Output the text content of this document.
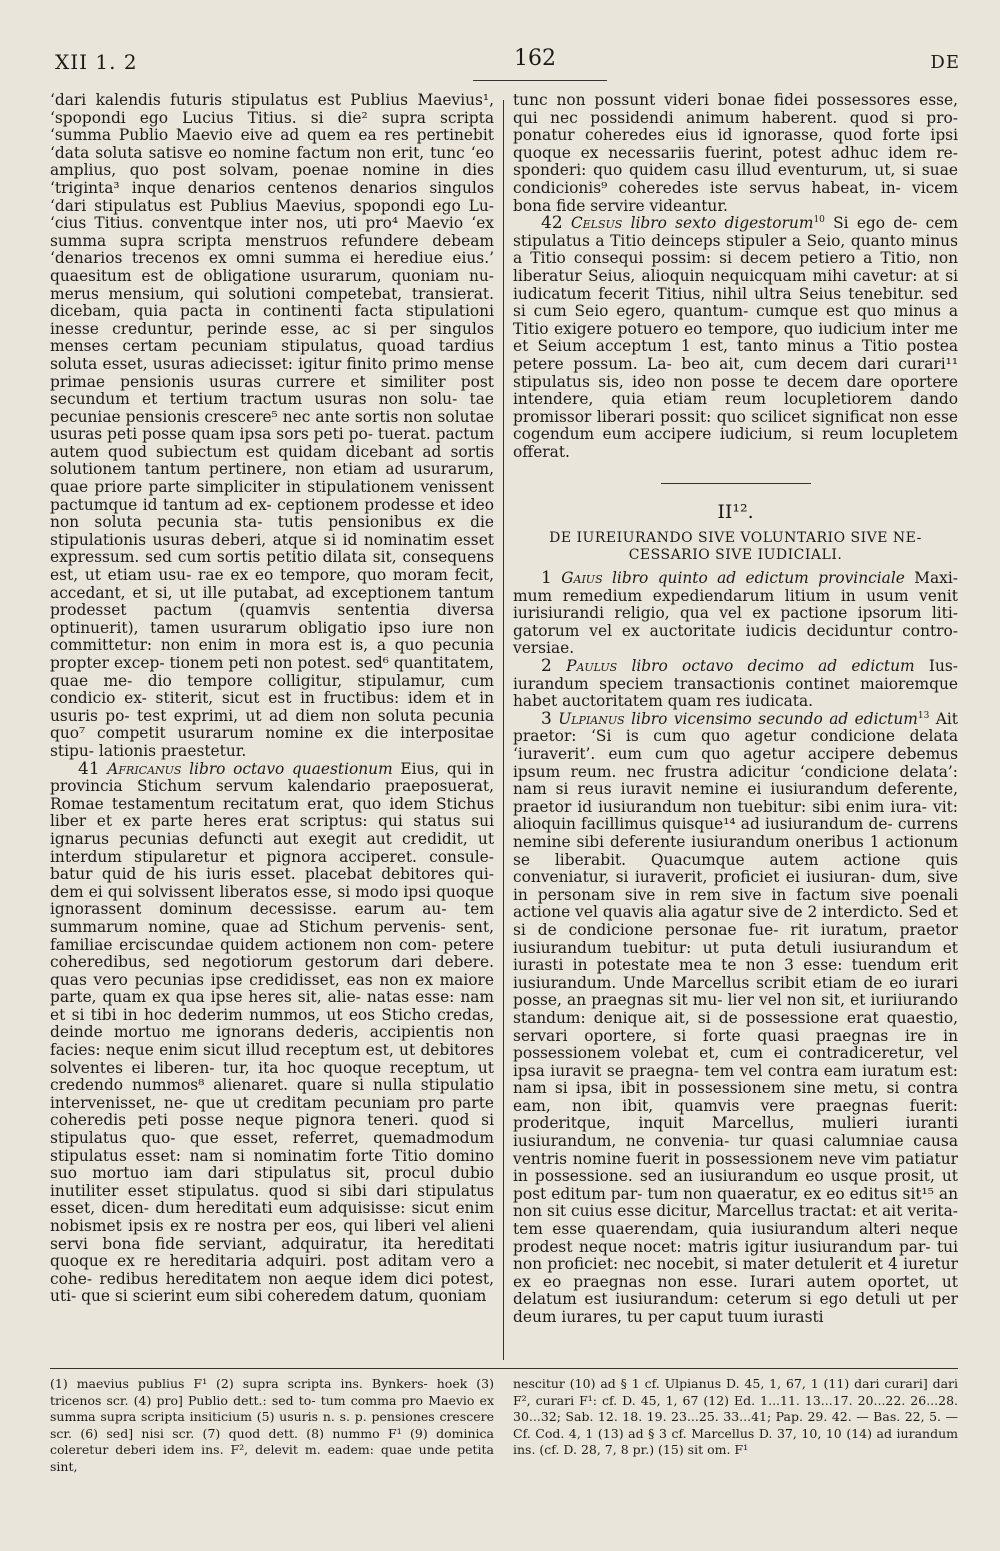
XII 1. 2	162	DE

‘dari kalendis futuris stipulatus est Publius Maevius¹, ‘spopondi ego Lucius Titius. si die² supra scripta ‘summa Publio Maevio eive ad quem ea res pertinebit ‘data soluta satisve eo nomine factum non erit, tunc ‘eo amplius, quo post solvam, poenae nomine in dies ‘triginta³ inque denarios centenos denarios singulos ‘dari stipulatus est Publius Maevius, spopondi ego Lu- ‘cius Titius. conventque inter nos, uti pro⁴ Maevio ‘ex summa supra scripta menstruos refundere debeam ‘denarios trecenos ex omni summa ei herediue eius.’ quaesitum est de obligatione usurarum, quoniam nu- merus mensium, qui solutioni competebat, transierat. dicebam, quia pacta in continenti facta stipulationi inesse creduntur, perinde esse, ac si per singulos menses certam pecuniam stipulatus, quoad tardius soluta esset, usuras adiecisset: igitur finito primo mense primae pensionis usuras currere et similiter post secundum et tertium tractum usuras non solu- tae pecuniae pensionis crescere⁵ nec ante sortis non solutae usuras peti posse quam ipsa sors peti po- tuerat. pactum autem quod subiectum est quidam dicebant ad sortis solutionem tantum pertinere, non etiam ad usurarum, quae priore parte simpliciter in stipulationem venissent pactumque id tantum ad ex- ceptionem prodesse et ideo non soluta pecunia sta- tutis pensionibus ex die stipulationis usuras deberi, atque si id nominatim esset expressum. sed cum sortis petitio dilata sit, consequens est, ut etiam usu- rae ex eo tempore, quo moram fecit, accedant, et si, ut ille putabat, ad exceptionem tantum prodesset pactum (quamvis sententia diversa optinuerit), tamen usurarum obligatio ipso iure non committetur: non enim in mora est is, a quo pecunia propter excep- tionem peti non potest. sed⁶ quantitatem, quae me- dio tempore colligitur, stipulamur, cum condicio ex- stiterit, sicut est in fructibus: idem et in usuris po- test exprimi, ut ad diem non soluta pecunia quo⁷ competit usurarum nomine ex die interpositae stipu- lationis praestetur.

41 Africanus libro octavo quaestionum Eius, qui in provincia Stichum servum kalendario praeposuerat, Romae testamentum recitatum erat, quo idem Stichus liber et ex parte heres erat scriptus: qui status sui ignarus pecunias defuncti aut exegit aut credidit, ut interdum stipularetur et pignora acciperet. consule- batur quid de his iuris esset. placebat debitores qui- dem ei qui solvissent liberatos esse, si modo ipsi quoque ignorassent dominum decessisse. earum au- tem summarum nomine, quae ad Stichum pervenis- sent, familiae erciscundae quidem actionem non com- petere coheredibus, sed negotiorum gestorum dari debere. quas vero pecunias ipse credidisset, eas non ex maiore parte, quam ex qua ipse heres sit, alie- natas esse: nam et si tibi in hoc dederim nummos, ut eos Sticho credas, deinde mortuo me ignorans dederis, accipientis non facies: neque enim sicut illud receptum est, ut debitores solventes ei liberen- tur, ita hoc quoque receptum, ut credendo nummos⁸ alienaret. quare si nulla stipulatio intervenisset, ne- que ut creditam pecuniam pro parte coheredis peti posse neque pignora teneri. quod si stipulatus quo- que esset, referret, quemadmodum stipulatus esset: nam si nominatim forte Titio domino suo mortuo iam dari stipulatus sit, procul dubio inutiliter esset stipulatus. quod si sibi dari stipulatus esset, dicen- dum hereditati eum adquisisse: sicut enim nobismet ipsis ex re nostra per eos, qui liberi vel alieni servi bona fide serviant, adquiratur, ita hereditati quoque ex re hereditaria adquiri. post aditam vero a cohe- redibus hereditatem non aeque idem dici potest, uti- que si scierint eum sibi coheredem datum, quoniam

tunc non possunt videri bonae fidei possessores esse, qui nec possidendi animum haberent. quod si pro- ponatur coheredes eius id ignorasse, quod forte ipsi quoque ex necessariis fuerint, potest adhuc idem re- sponderi: quo quidem casu illud eventurum, ut, si suae condicionis⁹ coheredes iste servus habeat, in- vicem bona fide servire videantur.

42 Celsus libro sexto digestorum$^{10}$ Si ego de- cem stipulatus a Titio deinceps stipuler a Seio, quanto minus a Titio consequi possim: si decem petiero a Titio, non liberatur Seius, alioquin nequicquam mihi cavetur: at si iudicatum fecerit Titius, nihil ultra Seius tenebitur. sed si cum Seio egero, quantum- cumque est quo minus a Titio exigere potuero eo tempore, quo iudicium inter me et Seium acceptum 1 est, tanto minus a Titio postea petere possum. La- beo ait, cum decem dari curari¹¹ stipulatus sis, ideo non posse te decem dare oportere intendere, quia etiam reum locupletiorem dando promissor liberari possit: quo scilicet significat non esse cogendum eum accipere iudicium, si reum locupletem offerat.

II¹².
DE IUREIURANDO SIVE VOLUNTARIO SIVE NE- CESSARIO SIVE IUDICIALI.

1 Gaius libro quinto ad edictum provinciale Maxi- mum remedium expediendarum litium in usum venit iurisiurandi religio, qua vel ex pactione ipsorum liti- gatorum vel ex auctoritate iudicis deciduntur contro- versiae.

2 Paulus libro octavo decimo ad edictum Ius- iurandum speciem transactionis continet maioremque habet auctoritatem quam res iudicata.

3 Ulpianus libro vicensimo secundo ad edictum$^{13}$ Ait praetor: ‘Si is cum quo agetur condicione delata ‘iuraverit’. eum cum quo agetur accipere debemus ipsum reum. nec frustra adicitur ‘condicione delata’: nam si reus iuravit nemine ei iusiurandum deferente, praetor id iusiurandum non tuebitur: sibi enim iura- vit: alioquin facillimus quisque¹⁴ ad iusiurandum de- currens nemine sibi deferente iusiurandum oneribus 1 actionum se liberabit. Quacumque autem actione quis conveniatur, si iuraverit, proficiet ei iusiuran- dum, sive in personam sive in rem sive in factum sive poenali actione vel quavis alia agatur sive de 2 interdicto. Sed et si de condicione personae fue- rit iuratum, praetor iusiurandum tuebitur: ut puta detuli iusiurandum et iurasti in potestate mea te non 3 esse: tuendum erit iusiurandum. Unde Marcellus scribit etiam de eo iurari posse, an praegnas sit mu- lier vel non sit, et iuriiurando standum: denique ait, si de possessione erat quaestio, servari oportere, si forte quasi praegnas ire in possessionem volebat et, cum ei contradiceretur, vel ipsa iuravit se praegna- tem vel contra eam iuratum est: nam si ipsa, ibit in possessionem sine metu, si contra eam, non ibit, quamvis vere praegnas fuerit: proderitque, inquit Marcellus, mulieri iuranti iusiurandum, ne convenia- tur quasi calumniae causa ventris nomine fuerit in possessionem neve vim patiatur in possessione. sed an iusiurandum eo usque prosit, ut post editum par- tum non quaeratur, ex eo editus sit¹⁵ an non sit cuius esse dicitur, Marcellus tractat: et ait verita- tem esse quaerendam, quia iusiurandum alteri neque prodest neque nocet: matris igitur iusiurandum par- tui non proficiet: nec nocebit, si mater detulerit et 4 iuretur ex eo praegnas non esse. Iurari autem oportet, ut delatum est iusiurandum: ceterum si ego detuli ut per deum iurares, tu per caput tuum iurasti

(1) maevius publius F¹ (2) supra scripta ins. Bynkers- hoek (3) tricenos scr. (4) pro] Publio dett.: sed to- tum comma pro Maevio ex summa supra scripta insiticium (5) usuris n. s. p. pensiones crescere scr. (6) sed] nisi scr. (7) quod dett. (8) nummo F¹ (9) dominica coleretur deberi idem ins. F², delevit m. eadem: quae unde petita sint,
nescitur (10) ad § 1 cf. Ulpianus D. 45, 1, 67, 1 (11) dari curari] dari F², curari F¹: cf. D. 45, 1, 67 (12) Ed. 1...11. 13...17. 20...22. 26...28. 30...32; Sab. 12. 18. 19. 23...25. 33...41; Pap. 29. 42. — Bas. 22, 5. — Cf. Cod. 4, 1 (13) ad § 3 cf. Marcellus D. 37, 10, 10 (14) ad iurandum ins. (cf. D. 28, 7, 8 pr.) (15) sit om. F¹
